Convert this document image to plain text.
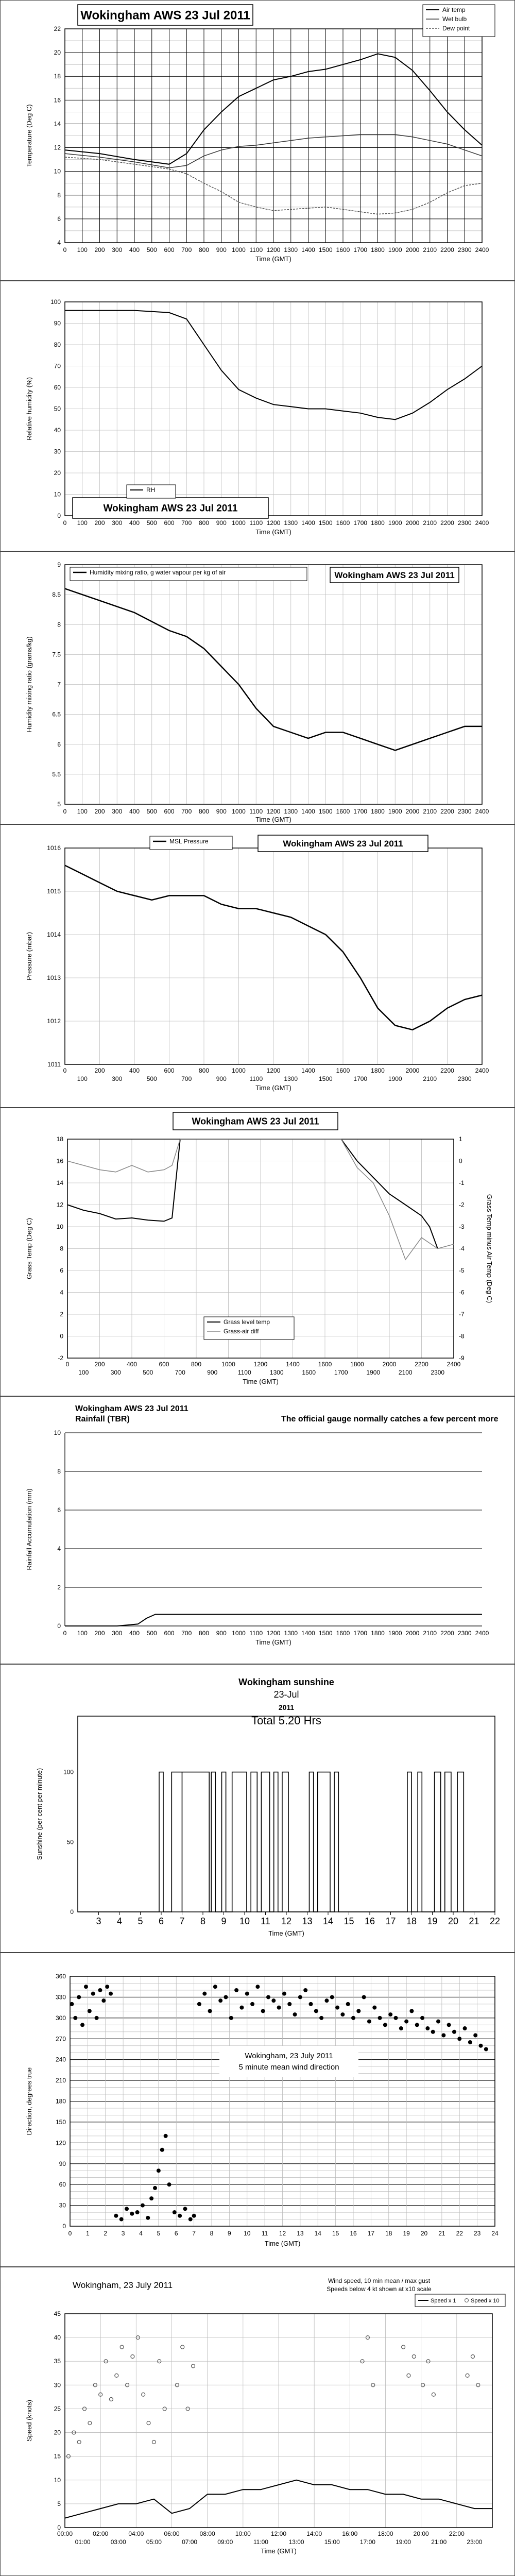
4
6
8
10
12
14
16
18
20
22
0 100 200 300 400 500 600 700 800 900 1000 1100 1200 1300 1400 1500 1600 1700 1800 1900 2000 2100 2200 2300 2400
Time (GMT)
Temperature (Deg C)
Wokingham AWS 23 Jul 2011	Air temp
Wet bulb
Dew point
0
10
20
30
40
50
60
70
80
90
100
0 100 200 300 400 500 600 700 800 900 1000 1100 1200 1300 1400 1500 1600 1700 1800 1900 2000 2100 2200 2300 2400
Time (GMT)
Relative humidity (%)
Wokingham AWS 23 Jul 2011
RH
5
5.5
6
6.5
7
7.5
8
8.5
9
0 100 200 300 400 500 600 700 800 900 1000 1100 1200 1300 1400 1500 1600 1700 1800 1900 2000 2100 2200 2300 2400
Time (GMT)
Humidity mixing ratio (grams/kg)
Wokingham AWS 23 Jul 2011
Humidity mixing ratio, g water vapour per kg of air
1011
1012
1013
1014
1015
1016
0	200	400	600	800	1000	1200	1400	1600	1800	2000	2200	2400
100	300	500	700	900	1100	1300	1500	1700	1900	2100	2300
Time (GMT)
Pressure (mbar)
Wokingham AWS 23 Jul 2011
MSL Pressure
-2
0
2
4
6
8
10
12
14
16
18
-9
-8
-7
-6
-5
-4
-3
-2
-1
0
1
0	200	400	600	800	1000	1200	1400	1600	1800	2000	2200	2400
100	300	500	700	900	1100	1300	1500	1700	1900	2100	2300
Time (GMT)
Grass Temp (Deg C)	Grass Temp minus Air Temp (Deg C)
Wokingham AWS 23 Jul 2011
Grass level temp
Grass-air diff
0
2
4
6
8
10
0 100 200 300 400 500 600 700 800 900 1000 1100 1200 1300 1400 1500 1600 1700 1800 1900 2000 2100 2200 2300 2400
Time (GMT)
Rainfall Accumulation (mm)
Wokingham AWS 23 Jul 2011
Rainfall (TBR)	The official gauge normally catches a few percent more
0
50
100
3 4 5 6 7 8 9 10 11 12 13 14 15 16 17 18 19 20 21 22
Time (GMT)
Sunshine (per cent per minute)
Wokingham sunshine
23-Jul
2011
Total 5.20 Hrs
0
30
60
90
120
150
180
210
240
270
300
330
360
0 1 2 3 4 5 6 7 8 9 10 11 12 13 14 15 16 17 18 19 20 21 22 23 24
Time (GMT)
Direction, degrees true
Wokingham, 23 July 2011
5 minute mean wind direction
0
5
10
15
20
25
30
35
40
45
00:00	02:00	04:00	06:00	08:00	10:00	12:00	14:00	16:00	18:00	20:00	22:00
01:00	03:00	05:00	07:00	09:00	11:00	13:00	15:00	17:00	19:00	21:00	23:00
Time (GMT)
Speed (knots)
Wokingham, 23 July 2011	Wind speed, 10 min mean / max gust
Speeds below 4 kt shown at x10 scale
Speed x 1	Speed x 10
